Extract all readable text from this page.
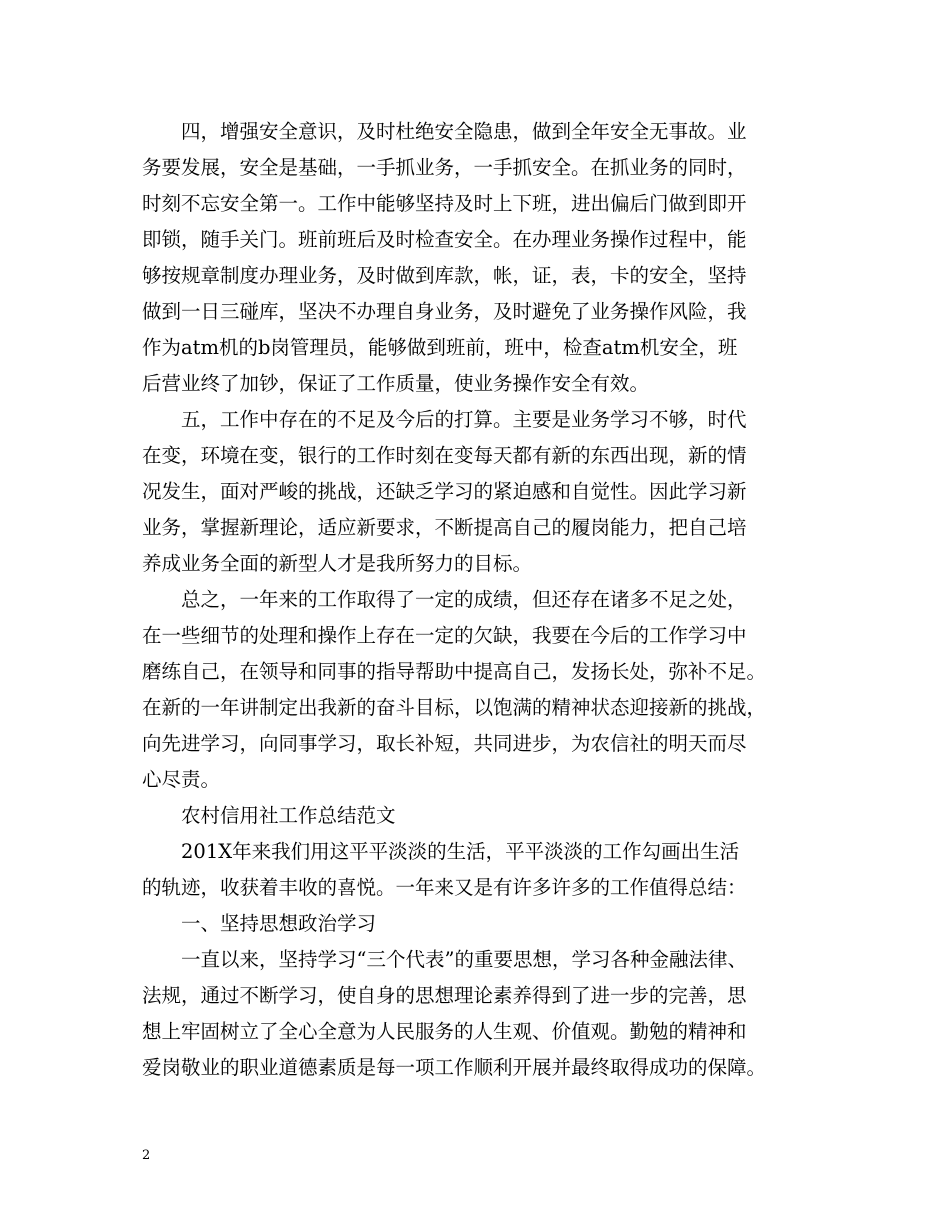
四，增强安全意识，及时杜绝安全隐患，做到全年安全无事故。业
务要发展，安全是基础，一手抓业务，一手抓安全。在抓业务的同时，
时刻不忘安全第一。工作中能够坚持及时上下班，进出偏后门做到即开
即锁，随手关门。班前班后及时检查安全。在办理业务操作过程中，能
够按规章制度办理业务，及时做到库款，帐，证，表，卡的安全，坚持
做到一日三碰库，坚决不办理自身业务，及时避免了业务操作风险，我
作为atm机的b岗管理员，能够做到班前，班中，检查atm机安全，班
后营业终了加钞，保证了工作质量，使业务操作安全有效。
五，工作中存在的不足及今后的打算。主要是业务学习不够，时代
在变，环境在变，银行的工作时刻在变每天都有新的东西出现，新的情
况发生，面对严峻的挑战，还缺乏学习的紧迫感和自觉性。因此学习新
业务，掌握新理论，适应新要求，不断提高自己的履岗能力，把自己培
养成业务全面的新型人才是我所努力的目标。
总之，一年来的工作取得了一定的成绩，但还存在诸多不足之处，
在一些细节的处理和操作上存在一定的欠缺，我要在今后的工作学习中
磨练自己，在领导和同事的指导帮助中提高自己，发扬长处，弥补不足。
在新的一年讲制定出我新的奋斗目标，以饱满的精神状态迎接新的挑战，
向先进学习，向同事学习，取长补短，共同进步，为农信社的明天而尽
心尽责。
农村信用社工作总结范文
201X年来我们用这平平淡淡的生活，平平淡淡的工作勾画出生活
的轨迹，收获着丰收的喜悦。一年来又是有许多许多的工作值得总结：
一、坚持思想政治学习
一直以来，坚持学习“三个代表”的重要思想，学习各种金融法律、
法规，通过不断学习，使自身的思想理论素养得到了进一步的完善，思
想上牢固树立了全心全意为人民服务的人生观、价值观。勤勉的精神和
爱岗敬业的职业道德素质是每一项工作顺利开展并最终取得成功的保障。
2
